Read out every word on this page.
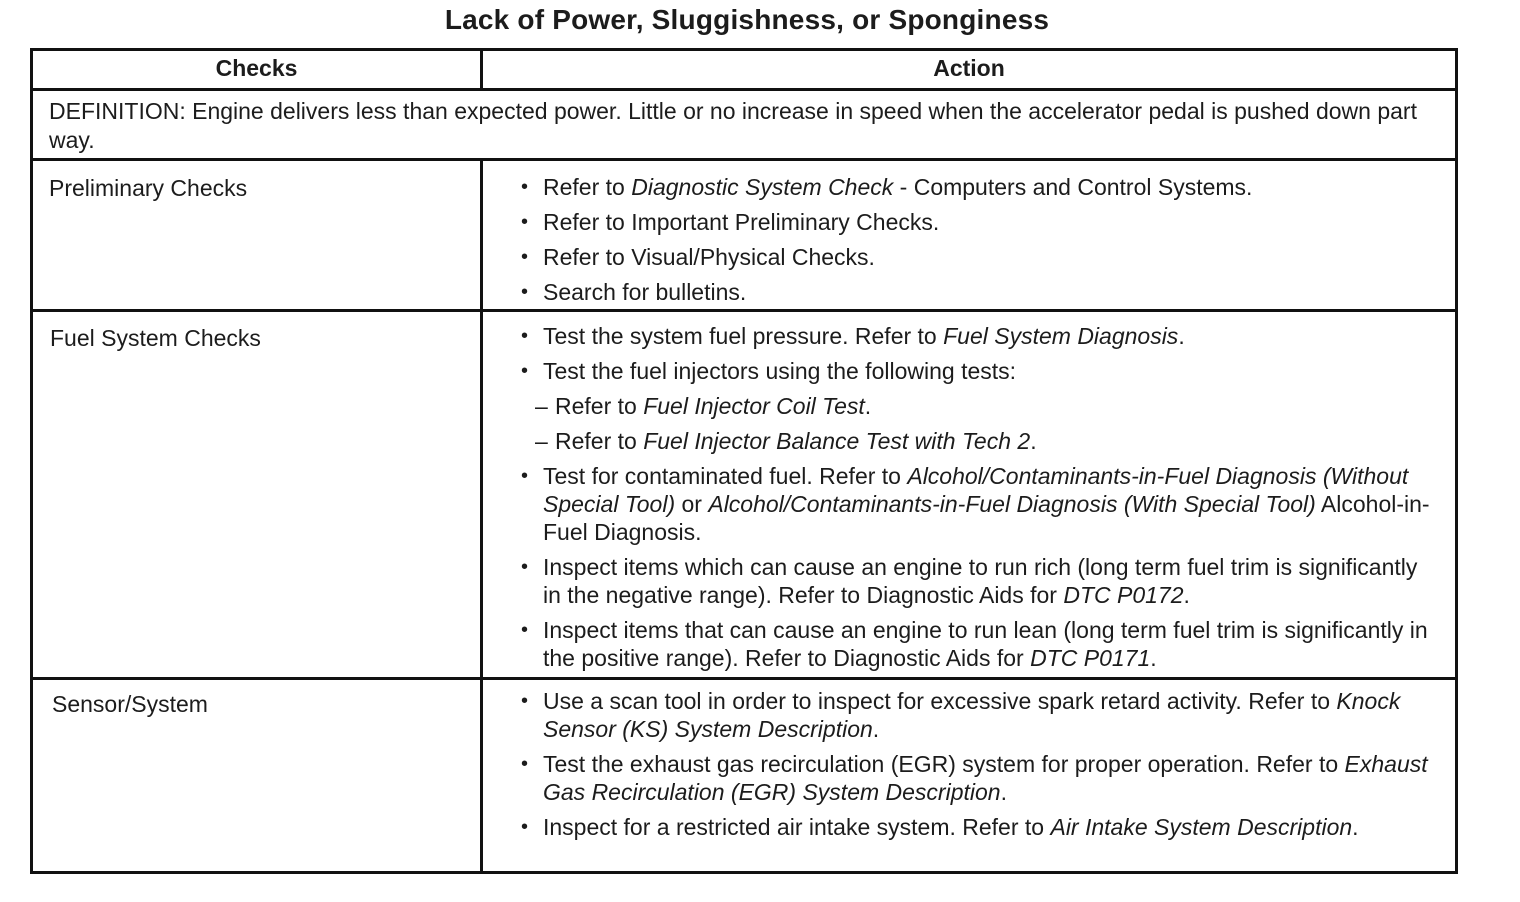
Lack of Power, Sluggishness, or Sponginess
Checks	Action
DEFINITION: Engine delivers less than expected power. Little or no increase in speed when the accelerator pedal is pushed down part way.
Preliminary Checks
Fuel System Checks
Sensor/System
• Refer to Diagnostic System Check - Computers and Control Systems.
• Refer to Important Preliminary Checks.
• Refer to Visual/Physical Checks.
• Search for bulletins.
• Test the system fuel pressure. Refer to Fuel System Diagnosis.
• Test the fuel injectors using the following tests:
– Refer to Fuel Injector Coil Test.
– Refer to Fuel Injector Balance Test with Tech 2.
• Test for contaminated fuel. Refer to Alcohol/Contaminants-in-Fuel Diagnosis (Without Special Tool) or Alcohol/Contaminants-in-Fuel Diagnosis (With Special Tool) Alcohol-in-Fuel Diagnosis.
• Inspect items which can cause an engine to run rich (long term fuel trim is significantly in the negative range). Refer to Diagnostic Aids for DTC P0172.
• Inspect items that can cause an engine to run lean (long term fuel trim is significantly in the positive range). Refer to Diagnostic Aids for DTC P0171.
• Use a scan tool in order to inspect for excessive spark retard activity. Refer to Knock Sensor (KS) System Description.
• Test the exhaust gas recirculation (EGR) system for proper operation. Refer to Exhaust Gas Recirculation (EGR) System Description.
• Inspect for a restricted air intake system. Refer to Air Intake System Description.
